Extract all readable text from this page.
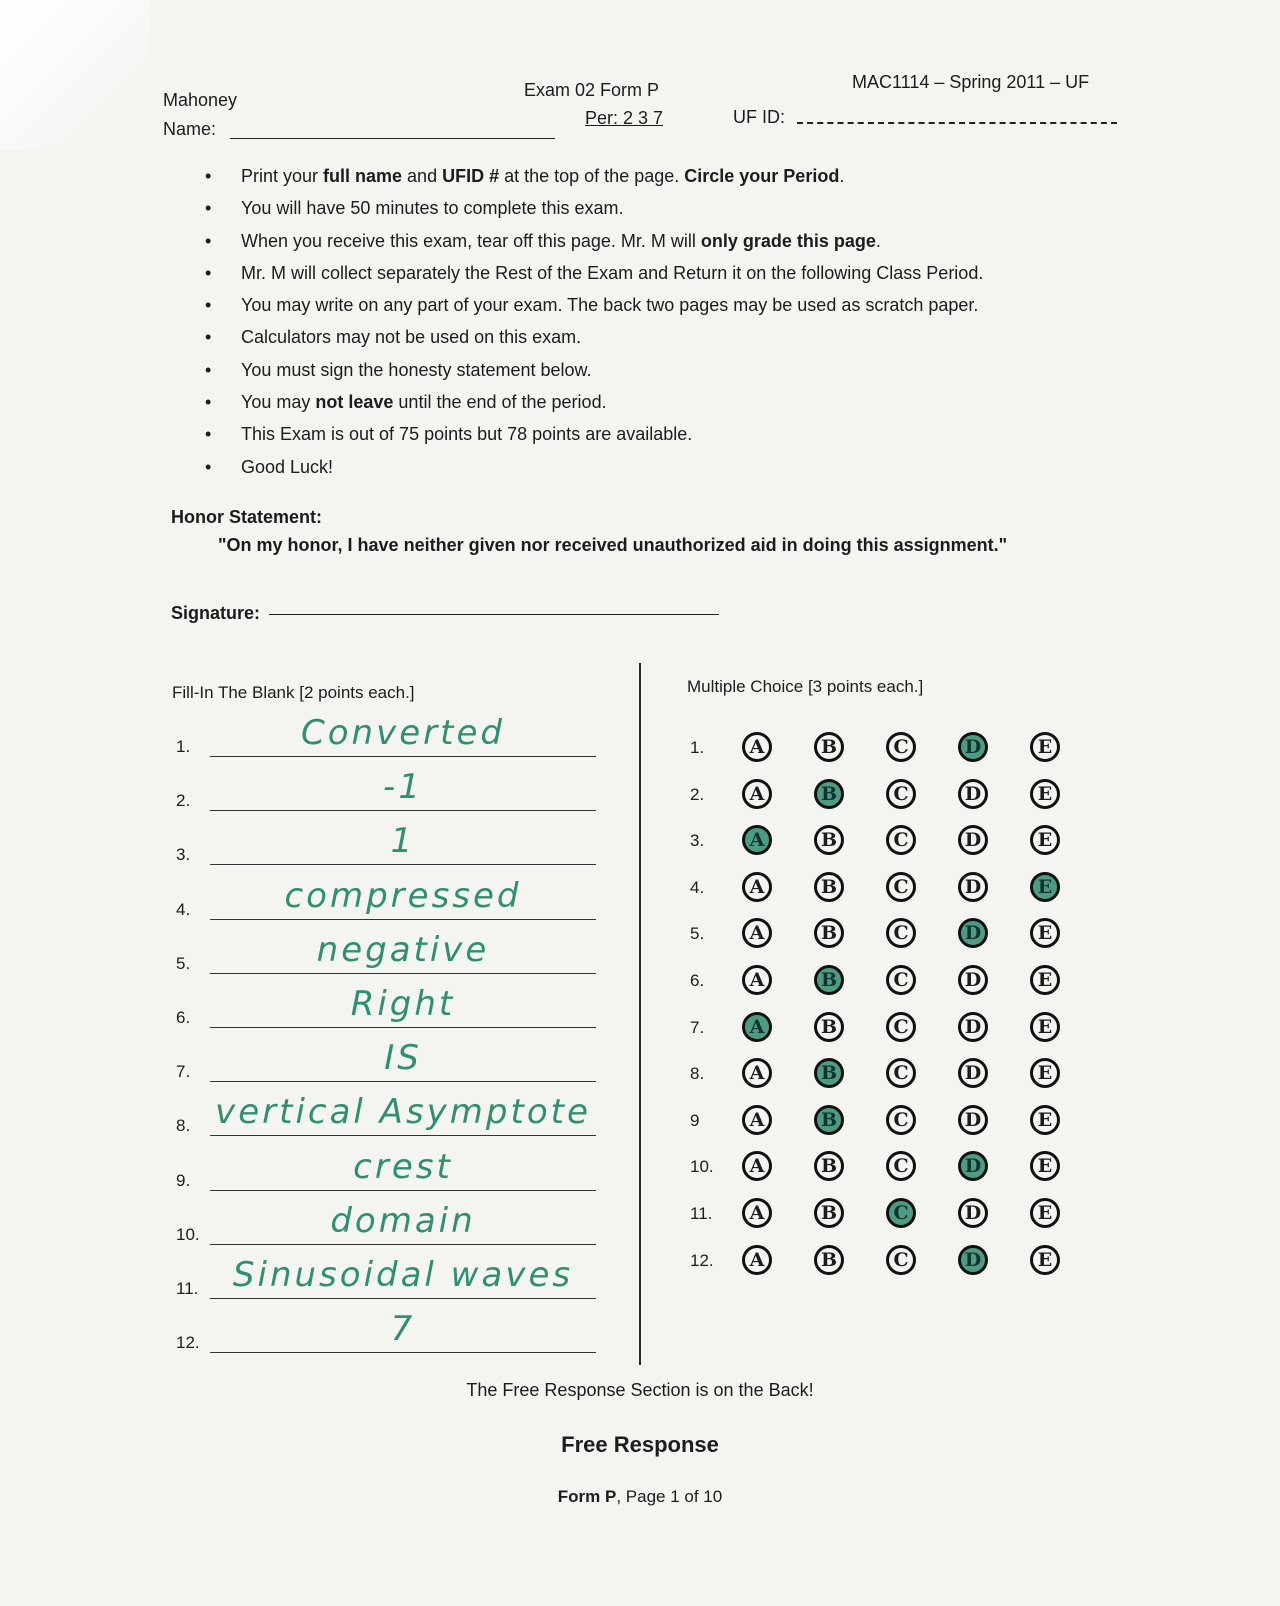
Mahoney
Name:
Exam 02 Form P
Per: 2 3 7	UF ID:
MAC1114 – Spring 2011 – UF
• Print your full name and UFID # at the top of the page. Circle your Period.
• You will have 50 minutes to complete this exam.
• When you receive this exam, tear off this page. Mr. M will only grade this page.
• Mr. M will collect separately the Rest of the Exam and Return it on the following Class Period.
• You may write on any part of your exam. The back two pages may be used as scratch paper.
• Calculators may not be used on this exam.
• You must sign the honesty statement below.
• You may not leave until the end of the period.
• This Exam is out of 75 points but 78 points are available.
• Good Luck!
Honor Statement:
"On my honor, I have neither given nor received unauthorized aid in doing this assignment."
Signature:
Fill-In The Blank [2 points each.]
1.	Converted
2.	-1
3.	1
4.	compressed
5.	negative
6.	Right
7.	IS
8. vertical Asymptote
9.	crest
10.	domain
11.	Sinusoidal waves
12.	7
Multiple Choice [3 points each.]
1.	A	B	C	D	E
2.	A	B	C	D	E
3.	A	B	C	D	E
4.	A	B	C	D	E
5.	A	B	C	D	E
6.	A	B	C	D	E
7.	A	B	C	D	E
8.	A	B	C	D	E
9	A	B	C	D	E
10.	A	B	C	D	E
11.	A	B	C	D	E
12.	A	B	C	D	E
The Free Response Section is on the Back!
Free Response
Form P, Page 1 of 10
